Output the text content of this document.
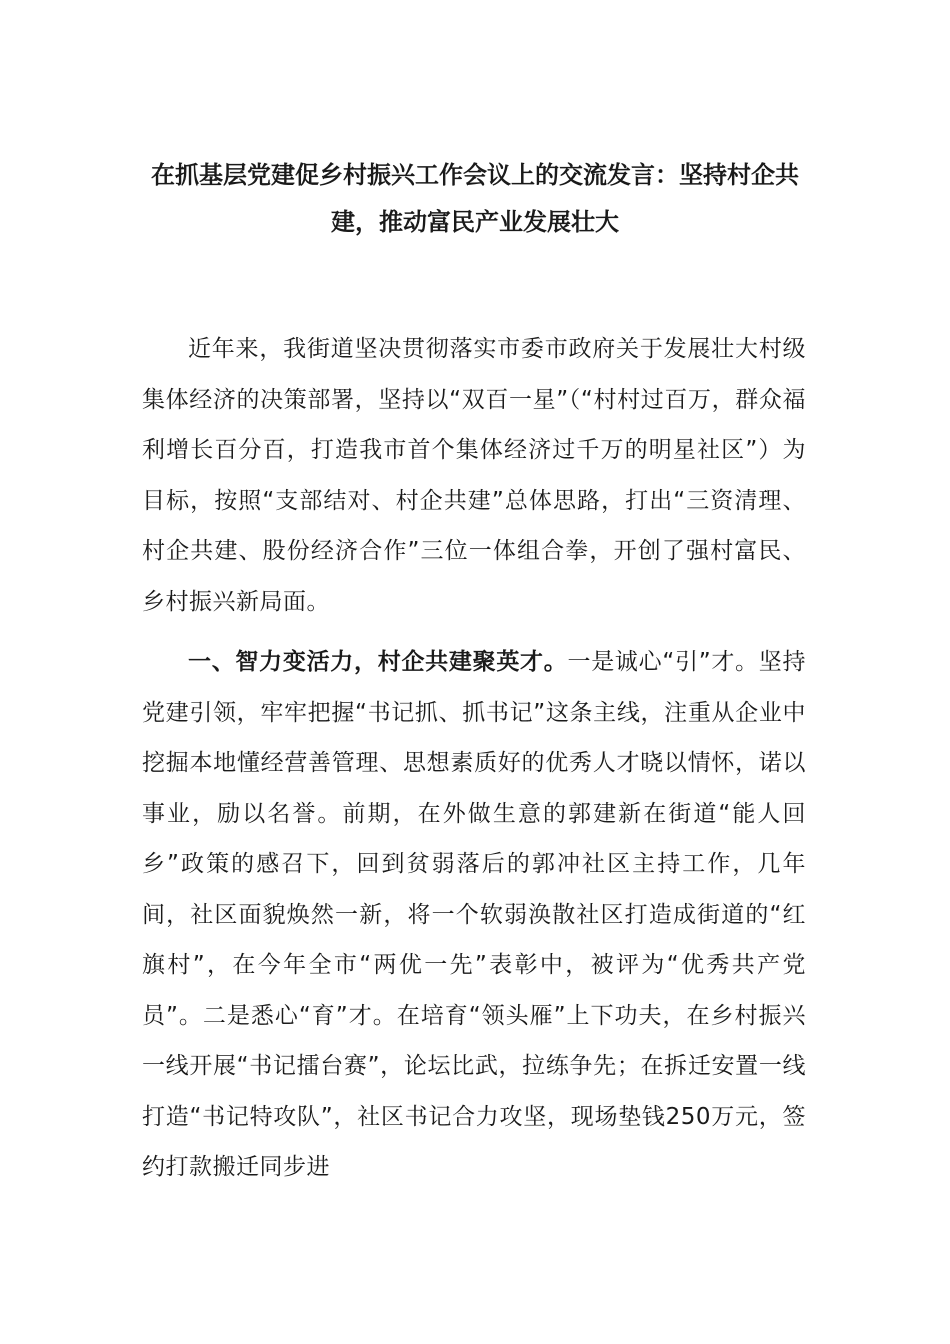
在抓基层党建促乡村振兴工作会议上的交流发言：坚持村企共建，推动富民产业发展壮大

近年来，我街道坚决贯彻落实市委市政府关于发展壮大村级集体经济的决策部署，坚持以“双百一星”（“村村过百万，群众福利增长百分百，打造我市首个集体经济过千万的明星社区”）为目标，按照“支部结对、村企共建”总体思路，打出“三资清理、村企共建、股份经济合作”三位一体组合拳，开创了强村富民、乡村振兴新局面。

一、智力变活力，村企共建聚英才。一是诚心“引”才。坚持党建引领，牢牢把握“书记抓、抓书记”这条主线，注重从企业中挖掘本地懂经营善管理、思想素质好的优秀人才晓以情怀，诺以事业，励以名誉。前期，在外做生意的郭建新在街道“能人回乡”政策的感召下，回到贫弱落后的郭冲社区主持工作，几年间，社区面貌焕然一新，将一个软弱涣散社区打造成街道的“红旗村”，在今年全市“两优一先”表彰中，被评为“优秀共产党员”。二是悉心“育”才。在培育“领头雁”上下功夫，在乡村振兴一线开展“书记擂台赛”，论坛比武，拉练争先；在拆迁安置一线打造“书记特攻队”，社区书记合力攻坚，现场垫钱250万元，签约打款搬迁同步进
